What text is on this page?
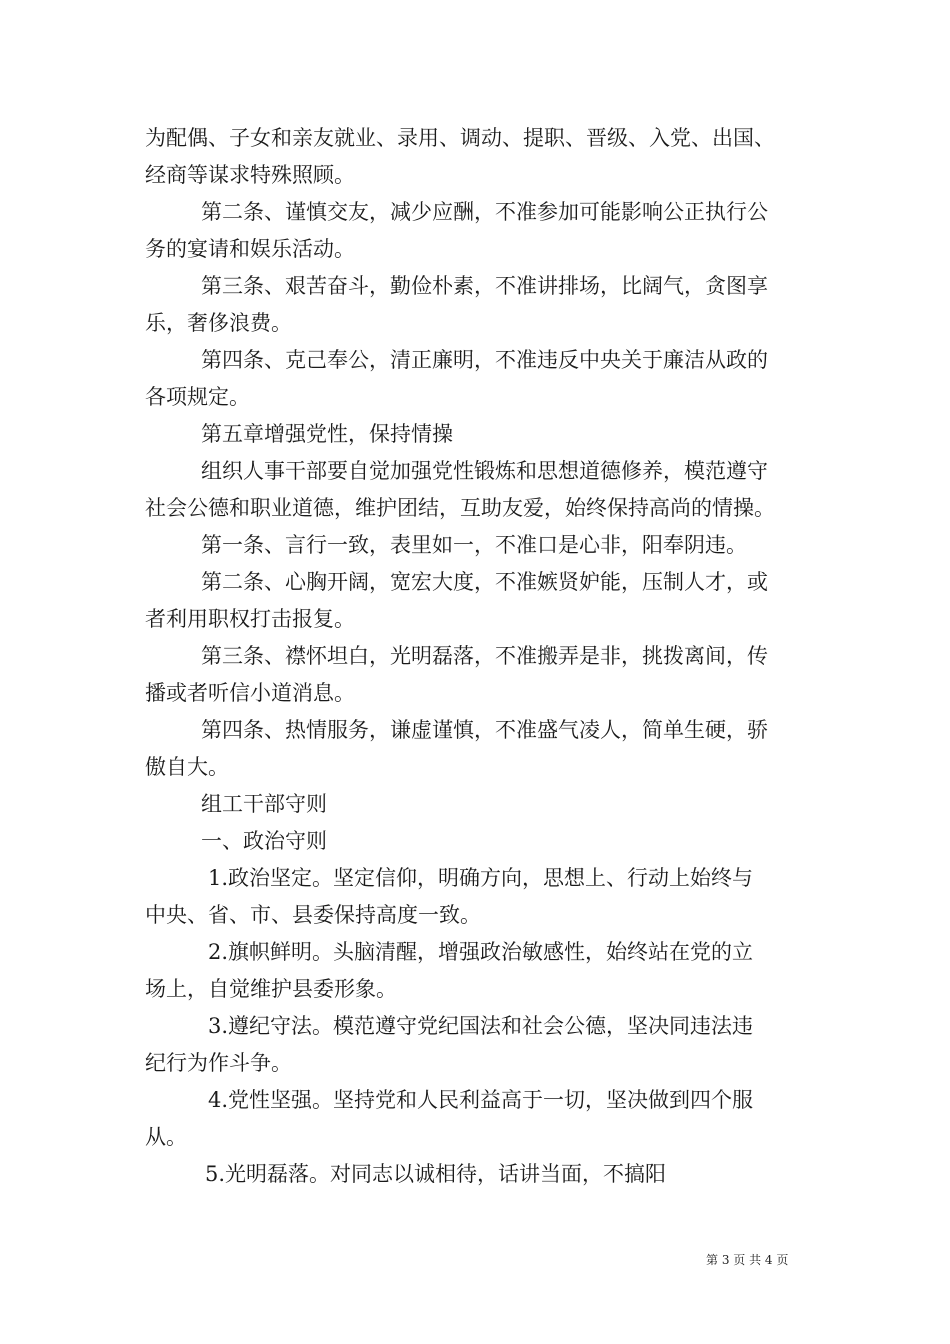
为配偶、子女和亲友就业、录用、调动、提职、晋级、入党、出国、
经商等谋求特殊照顾。
第二条、谨慎交友，减少应酬，不准参加可能影响公正执行公
务的宴请和娱乐活动。
第三条、艰苦奋斗，勤俭朴素，不准讲排场，比阔气，贪图享
乐，奢侈浪费。
第四条、克己奉公，清正廉明，不准违反中央关于廉洁从政的
各项规定。
第五章增强党性，保持情操
组织人事干部要自觉加强党性锻炼和思想道德修养，模范遵守
社会公德和职业道德，维护团结，互助友爱，始终保持高尚的情操。
第一条、言行一致，表里如一，不准口是心非，阳奉阴违。
第二条、心胸开阔，宽宏大度，不准嫉贤妒能，压制人才，或
者利用职权打击报复。
第三条、襟怀坦白，光明磊落，不准搬弄是非，挑拨离间，传
播或者听信小道消息。
第四条、热情服务，谦虚谨慎，不准盛气凌人，简单生硬，骄
傲自大。
组工干部守则
一、政治守则
1.政治坚定。坚定信仰，明确方向，思想上、行动上始终与
中央、省、市、县委保持高度一致。
2.旗帜鲜明。头脑清醒，增强政治敏感性，始终站在党的立
场上，自觉维护县委形象。
3.遵纪守法。模范遵守党纪国法和社会公德，坚决同违法违
纪行为作斗争。
4.党性坚强。坚持党和人民利益高于一切，坚决做到四个服
从。
5.光明磊落。对同志以诚相待，话讲当面，不搞阳
第 3 页 共 4 页
